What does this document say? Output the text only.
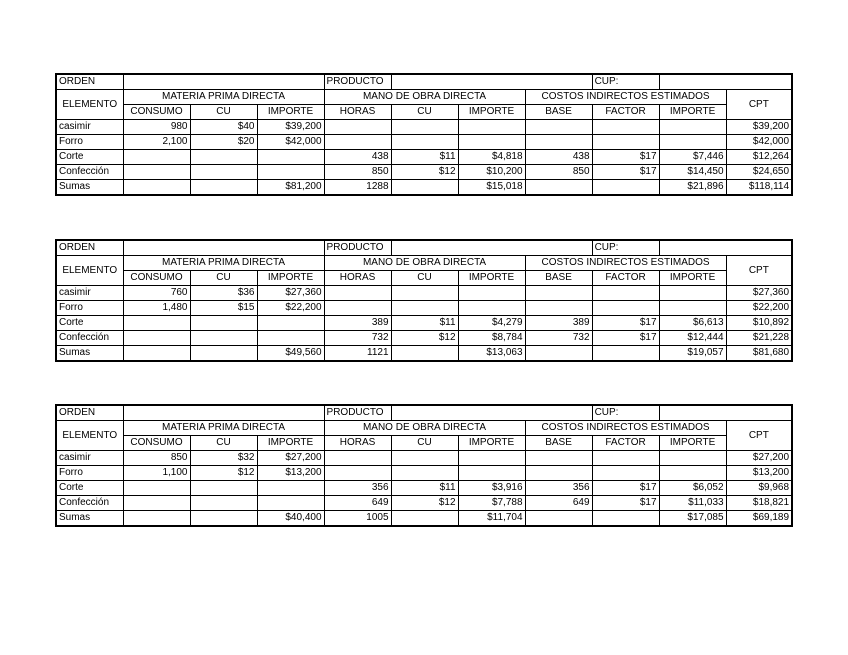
ORDEN				PRODUCTO				CUP:		
ELEMENTO	MATERIA PRIMA DIRECTA			MANO DE OBRA DIRECTA			COSTOS INDIRECTOS ESTIMADOS			CPT
	CONSUMO	CU	IMPORTE	HORAS	CU	IMPORTE	BASE	FACTOR	IMPORTE	
casimir	980	$40	$39,200							$39,200
Forro	2,100	$20	$42,000							$42,000
Corte				438	$11	$4,818	438	$17	$7,446	$12,264
Confección				850	$12	$10,200	850	$17	$14,450	$24,650
Sumas			$81,200	1288		$15,018			$21,896	$118,114
ORDEN				PRODUCTO				CUP:		
ELEMENTO	MATERIA PRIMA DIRECTA			MANO DE OBRA DIRECTA			COSTOS INDIRECTOS ESTIMADOS			CPT
	CONSUMO	CU	IMPORTE	HORAS	CU	IMPORTE	BASE	FACTOR	IMPORTE	
casimir	760	$36	$27,360							$27,360
Forro	1,480	$15	$22,200							$22,200
Corte				389	$11	$4,279	389	$17	$6,613	$10,892
Confección				732	$12	$8,784	732	$17	$12,444	$21,228
Sumas			$49,560	1121		$13,063			$19,057	$81,680
ORDEN				PRODUCTO				CUP:		
ELEMENTO	MATERIA PRIMA DIRECTA			MANO DE OBRA DIRECTA			COSTOS INDIRECTOS ESTIMADOS			CPT
	CONSUMO	CU	IMPORTE	HORAS	CU	IMPORTE	BASE	FACTOR	IMPORTE	
casimir	850	$32	$27,200							$27,200
Forro	1,100	$12	$13,200							$13,200
Corte				356	$11	$3,916	356	$17	$6,052	$9,968
Confección				649	$12	$7,788	649	$17	$11,033	$18,821
Sumas			$40,400	1005		$11,704			$17,085	$69,189
